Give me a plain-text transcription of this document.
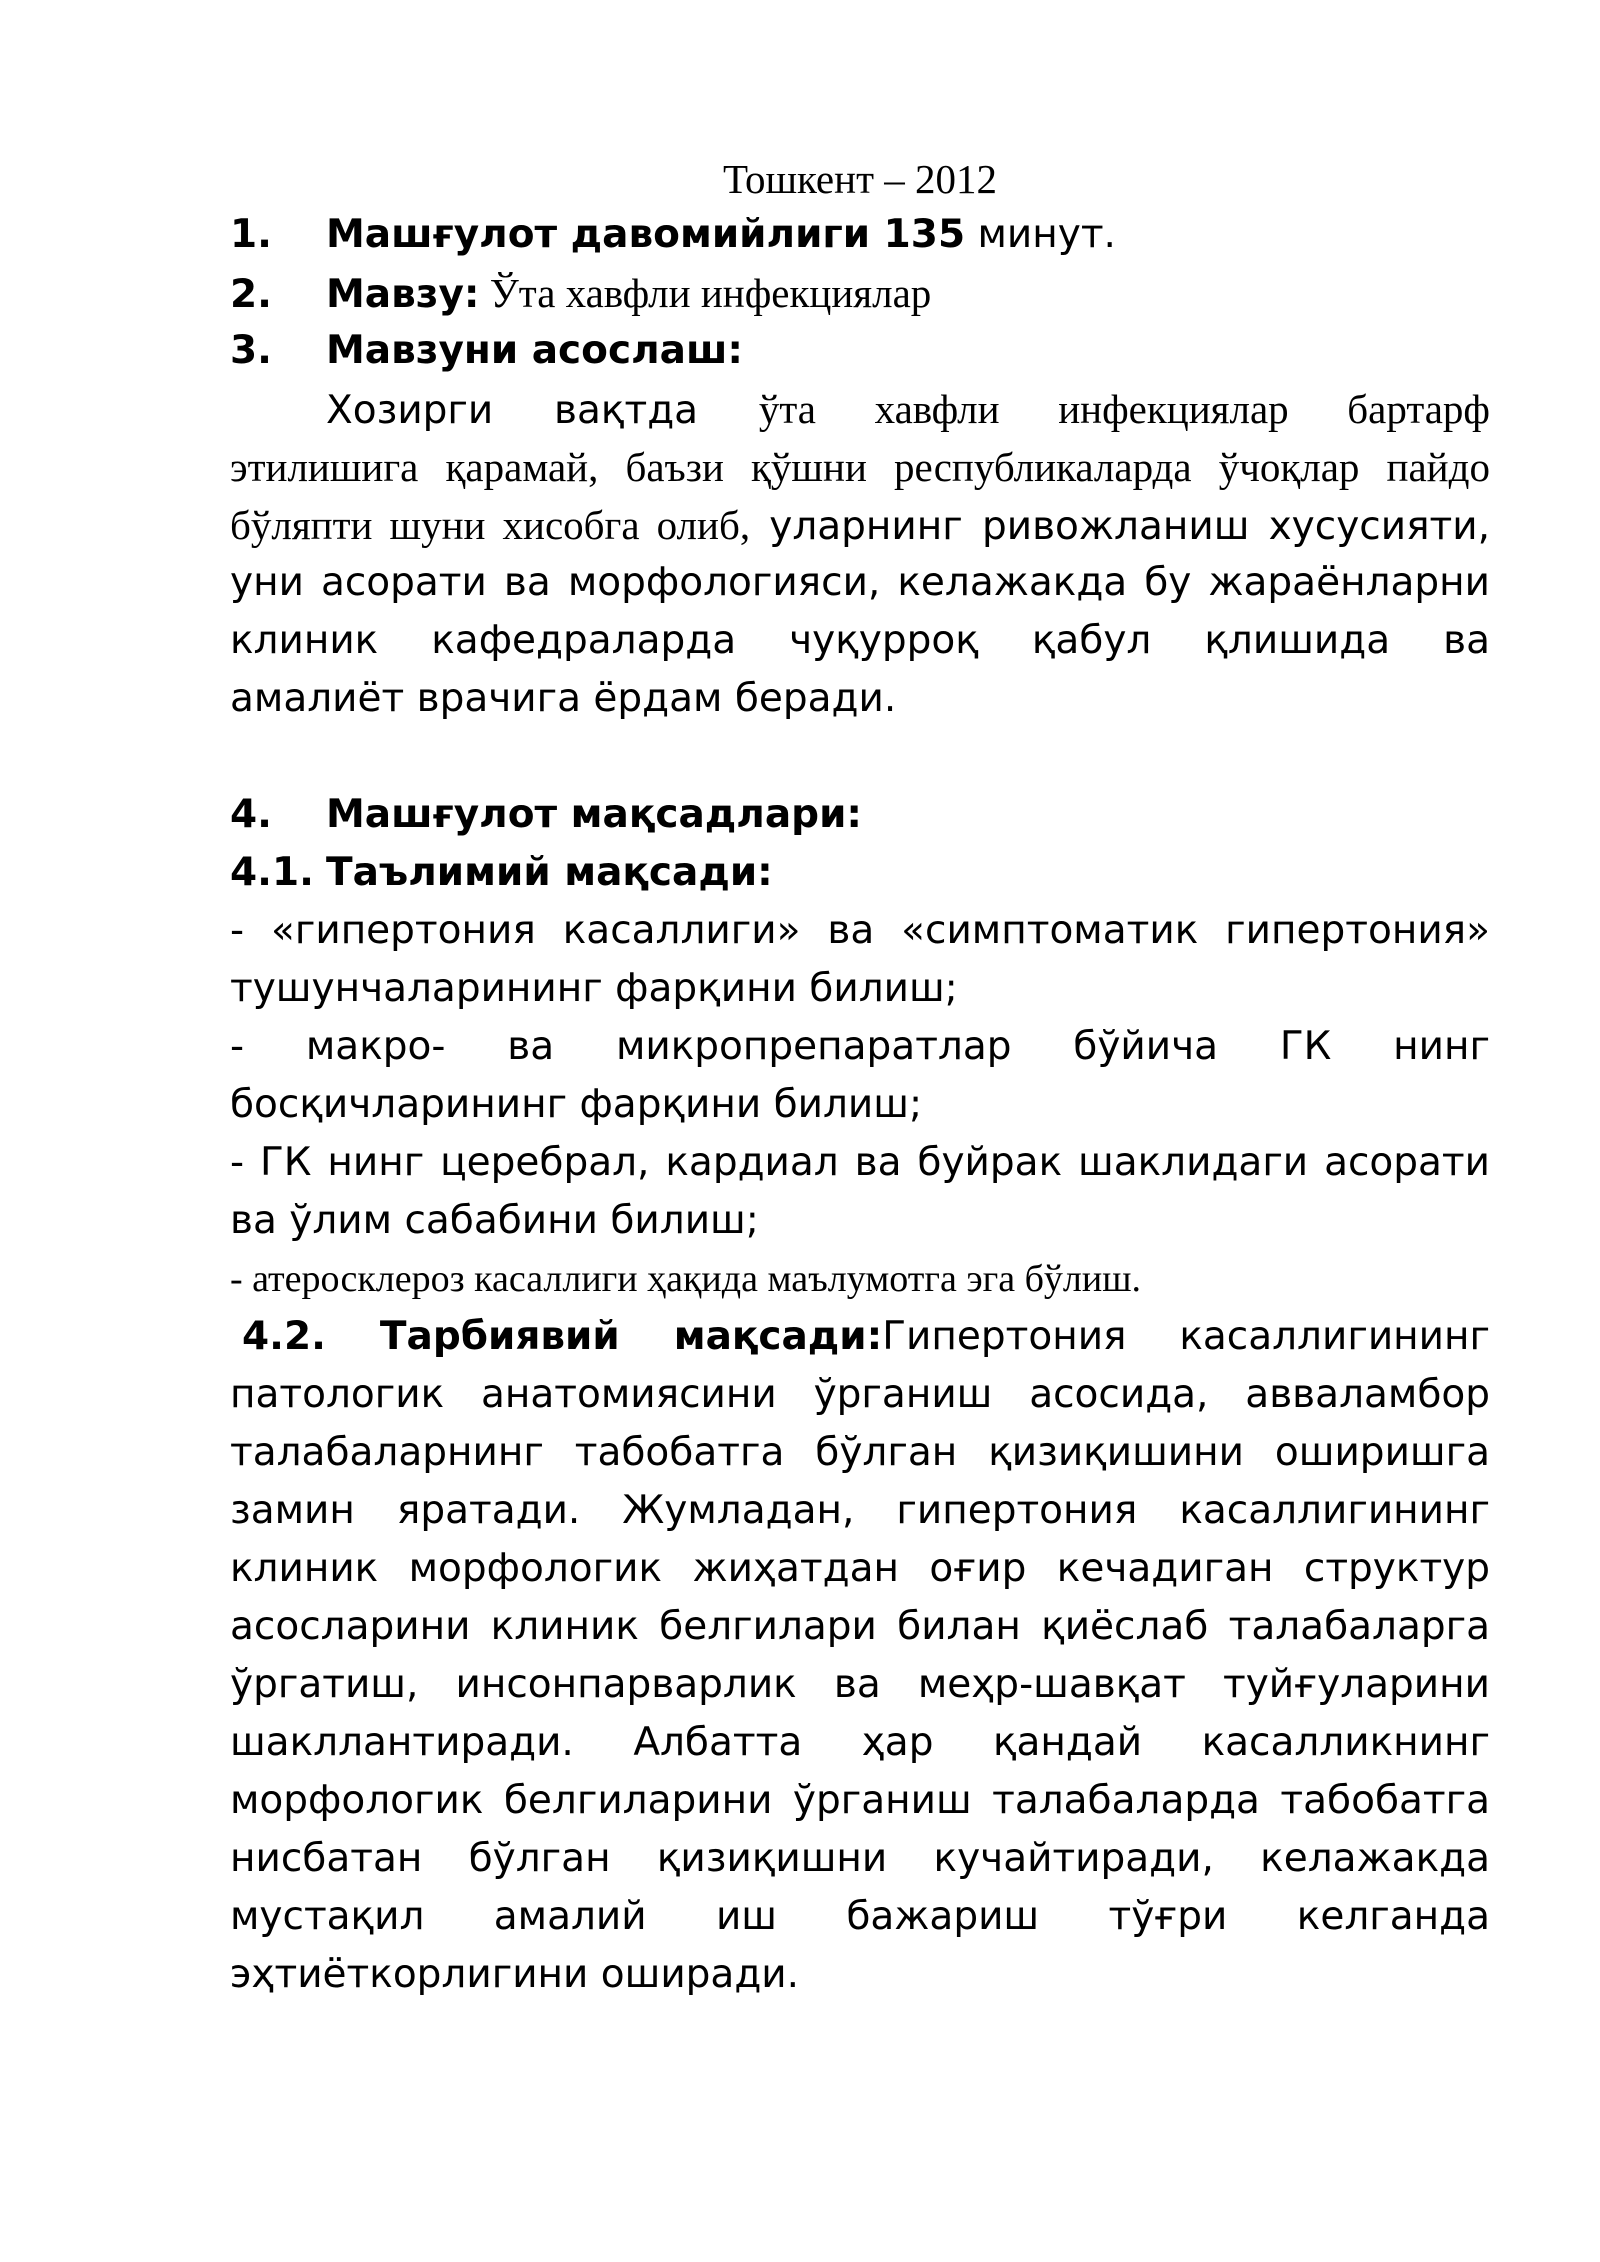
Тошкент – 2012
1. Машғулот давомийлиги 135 минут.
2. Мавзу: Ўта хавфли инфекциялар
3. Мавзуни асослаш:
Хозирги вақтда ўта хавфли инфекциялар бартарф
этилишига қарамай, баъзи қўшни республикаларда ўчоқлар пайдо
бўляпти шуни хисобга олиб, уларнинг ривожланиш хусусияти,
уни асорати ва морфологияси, келажакда бу жараёнларни
клиник кафедраларда чуқурроқ қабул қлишида ва
амалиёт врачига ёрдам беради.
4. Машғулот мақсадлари:
4.1. Таълимий мақсади:
- «гипертония касаллиги» ва «симптоматик гипертония»
тушунчаларининг фарқини билиш;
- макро- ва микропрепаратлар бўйича ГК нинг
босқичларининг фарқини билиш;
- ГК нинг церебрал, кардиал ва буйрак шаклидаги асорати
ва ўлим сабабини билиш;
- атеросклероз касаллиги ҳақида маълумотга эга бўлиш.
4.2. Тарбиявий мақсади:Гипертония касаллигининг
патологик анатомиясини ўрганиш асосида, авваламбор
талабаларнинг табобатга бўлган қизиқишини оширишга
замин яратади. Жумладан, гипертония касаллигининг
клиник морфологик жиҳатдан оғир кечадиган структур
асосларини клиник белгилари билан қиёслаб талабаларга
ўргатиш, инсонпарварлик ва меҳр-шавқат туйғуларини
шакллантиради. Албатта ҳар қандай касалликнинг
морфологик белгиларини ўрганиш талабаларда табобатга
нисбатан бўлган қизиқишни кучайтиради, келажакда
мустақил амалий иш бажариш тўғри келганда
эҳтиёткорлигини оширади.
